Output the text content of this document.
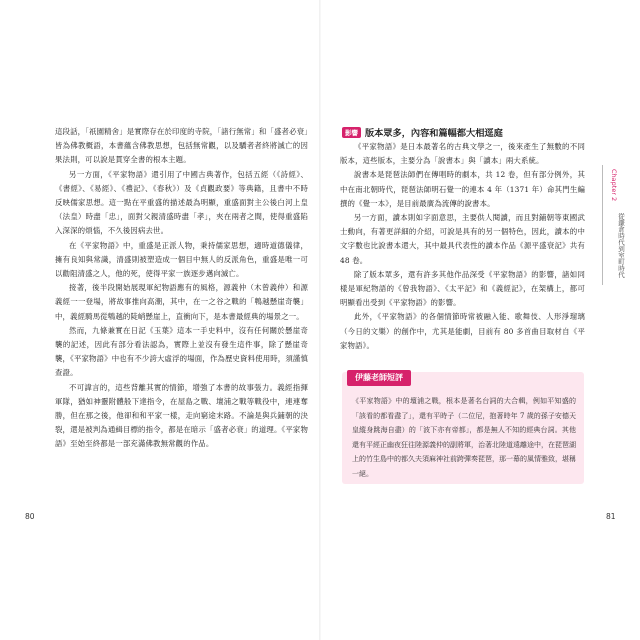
這段話，「祇園精舍」是實際存在於印度的寺院，「諸行無常」和「盛者必衰」皆為佛教概語，本書蘊含佛教思想，包括無常觀，以及驕者者終將滅亡的因果法則，可以說是貫穿全書的根本主題。

另一方面，《平家物語》還引用了中國古典著作，包括五經（《詩經》、《書經》、《易經》、《禮記》、《春秋》）及《貞觀政要》等典籍，且書中不時反映儒家思想。這一點在平重盛的描述最為明顯，重盛面對主公後白河上皇（法皇）時盡「忠」，面對父親清盛時盡「孝」，夾在兩者之間，使得重盛陷入深深的煩惱，不久後因病去世。

在《平家物語》中，重盛是正派人物，秉持儒家思想，適時道德儀律，擁有良知與常識，清盛則被塑造成一個目中無人的反派角色，重盛是唯一可以勸阻清盛之人，他的死，使得平家一族逐步邁向滅亡。

接著，後半段開始展現軍紀物語應有的風格，源義仲（木曾義仲）和源義經一一登場，將故事推向高潮，其中，在一之谷之戰的「鵯越懸崖奇襲」中，義經騎馬從鵯越的陡峭懸崖上，直衝向下，是本書最經典的場景之一。

然而，九條兼實在日記《玉葉》這本一手史料中，沒有任何關於懸崖奇襲的記述，因此有部分看法認為，實際上並沒有發生這件事，除了懸崖奇襲，《平家物語》中也有不少誇大虛浮的場面，作為歷史資料使用時，須謹慎查證。

不可諱言的，這些背離其實的情節，增強了本書的故事張力。義經指揮軍隊，猶如神靈附體般下達指令，在屋島之戰、壇浦之戰等戰役中，連連奪勝，但在那之後，他卻和和平家一樣，走向窮途末路。不論是與兵鋪朝的決裂，還是被判為通緝目標的指令，都是在暗示「盛者必衰」的道理。《平家物語》至始至終都是一部充滿佛教無常觀的作品。

80
影響 版本眾多，內容和篇幅都大相逕庭

《平家物語》是日本最著名的古典文學之一，後來產生了無數的不同版本，這些版本，主要分為「說書本」與「讀本」兩大系統。

說書本是琵琶法師們在傳唱時的劇本，共 12 卷，但有部分例外，其中在南北朝時代，琵琶法師明石覺一的連本 4 年（1371 年）命其門生編撰的《覺一本》，是目前最廣為流傳的說書本。

另一方面，讀本則如字面意思，主要供人閱讀，而且對鋪朝等東國武士動向，有著更詳細的介紹，可說是具有的另一個特色，因此，讀本的中文字數也比說書本還大，其中最具代表性的讀本作品《源平盛衰記》共有 48 卷。

除了版本眾多，還有許多其他作品深受《平家物語》的影響，諸如同樣是軍紀物語的《曾我物語》、《太平記》和《義經記》，在架構上，都可明顯看出受到《平家物語》的影響。

此外，《平家物語》的各個情節時常被融入能、歌舞伎、人形淨瑠璃（今日的文樂）的創作中，尤其是能劇，目前有 80 多首曲目取材自《平家物語》。

伊藤老師短評
《平家物語》中的壇浦之戰，根本是著名台詞的大合輯，例如平知盛的「該看的都看盡了」，還有平時子（二位尼，抱著時年 7 歲的孫子安德天皇縱身跳海自盡）的「波下亦有帝都」，都是無人不知的經典台詞。其他還有平經正幽夜狂往陸源義仲的副將軍，治著北陸道遠離途中，在琵琶湖上的竹生島中的都久夫須麻神社前跨彈奏琵琶，那一幕的風情雅致，堪稱一絕。
Chapter 2
從鎌倉時代到室町時代
81
